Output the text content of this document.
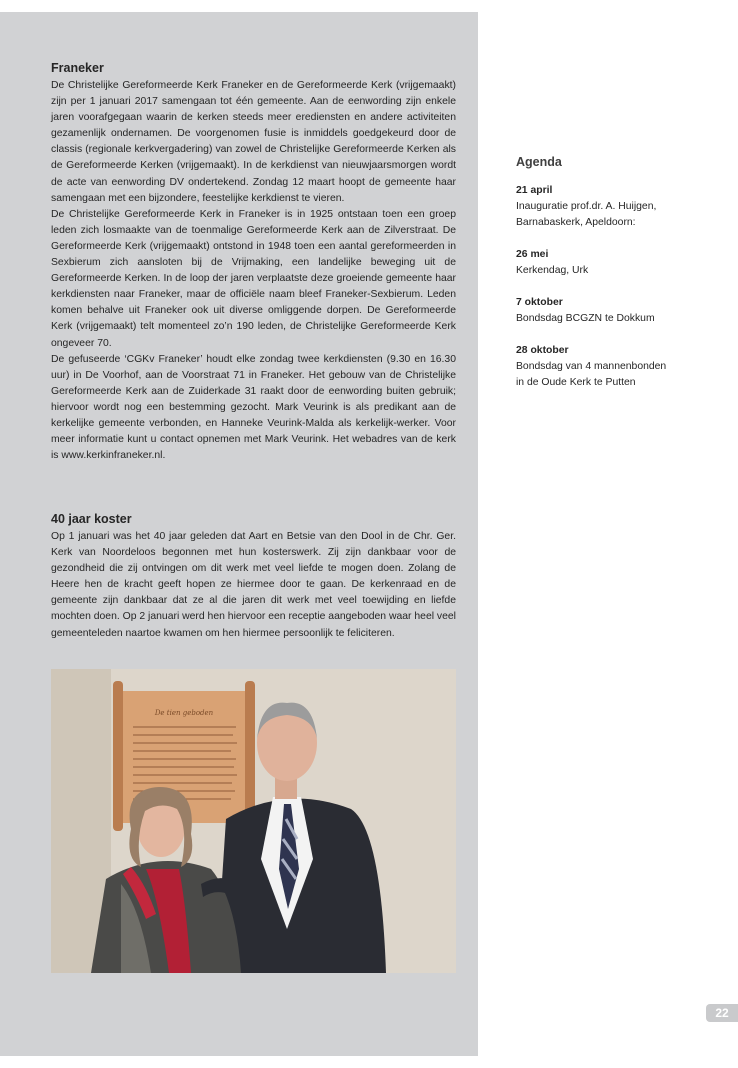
Franeker

De Christelijke Gereformeerde Kerk Franeker en de Gereformeerde Kerk (vrijgemaakt) zijn per 1 januari 2017 samengaan tot één gemeente. Aan de eenwording zijn enkele jaren voorafgegaan waarin de kerken steeds meer erediensten en andere activiteiten gezamenlijk ondernamen. De voorgenomen fusie is inmiddels goedgekeurd door de classis (regionale kerkvergadering) van zowel de Christelijke Gereformeerde Kerken als de Gereformeerde Kerken (vrijgemaakt). In de kerkdienst van nieuwjaarsmorgen wordt de acte van eenwording DV ondertekend. Zondag 12 maart hoopt de gemeente haar samengaan met een bijzondere, feestelijke kerkdienst te vieren.

De Christelijke Gereformeerde Kerk in Franeker is in 1925 ontstaan toen een groep leden zich losmaakte van de toenmalige Gereformeerde Kerk aan de Zilverstraat. De Gereformeerde Kerk (vrijgemaakt) ontstond in 1948 toen een aantal gereformeerden in Sexbierum zich aansloten bij de Vrijmaking, een landelijke beweging uit de Gereformeerde Kerken. In de loop der jaren verplaatste deze groeiende gemeente haar kerkdiensten naar Franeker, maar de officiële naam bleef Franeker-Sexbierum. Leden komen behalve uit Franeker ook uit diverse omliggende dorpen. De Gereformeerde Kerk (vrijgemaakt) telt momenteel zo’n 190 leden, de Christelijke Gereformeerde Kerk ongeveer 70.

De gefuseerde ‘CGKv Franeker’ houdt elke zondag twee kerkdiensten (9.30 en 16.30 uur) in De Voorhof, aan de Voorstraat 71 in Franeker. Het gebouw van de Christelijke Gereformeerde Kerk aan de Zuiderkade 31 raakt door de eenwording buiten gebruik; hiervoor wordt nog een bestemming gezocht. Mark Veurink is als predikant aan de kerkelijke gemeente verbonden, en Hanneke Veurink-Malda als kerkelijk-werker. Voor meer informatie kunt u contact opnemen met Mark Veurink. Het webadres van de kerk is www.kerkinfraneker.nl.

40 jaar koster

Op 1 januari was het 40 jaar geleden dat Aart en Betsie van den Dool in de Chr. Ger. Kerk van Noordeloos begonnen met hun kosterswerk. Zij zijn dankbaar voor de gezondheid die zij ontvingen om dit werk met veel liefde te mogen doen. Zolang de Heere hen de kracht geeft hopen ze hiermee door te gaan. De kerkenraad en de gemeente zijn dankbaar dat ze al die jaren dit werk met veel toewijding en liefde mochten doen. Op 2 januari werd hen hiervoor een receptie aangeboden waar heel veel gemeenteleden naartoe kwamen om hen hiermee persoonlijk te feliciteren.

De tien geboden
Agenda
21 april
Inauguratie prof.dr. A. Huijgen,
Barnabaskerk, Apeldoorn:
26 mei
Kerkendag, Urk
7 oktober
Bondsdag BCGZN te Dokkum
28 oktober
Bondsdag van 4 mannenbonden
in de Oude Kerk te Putten
22
